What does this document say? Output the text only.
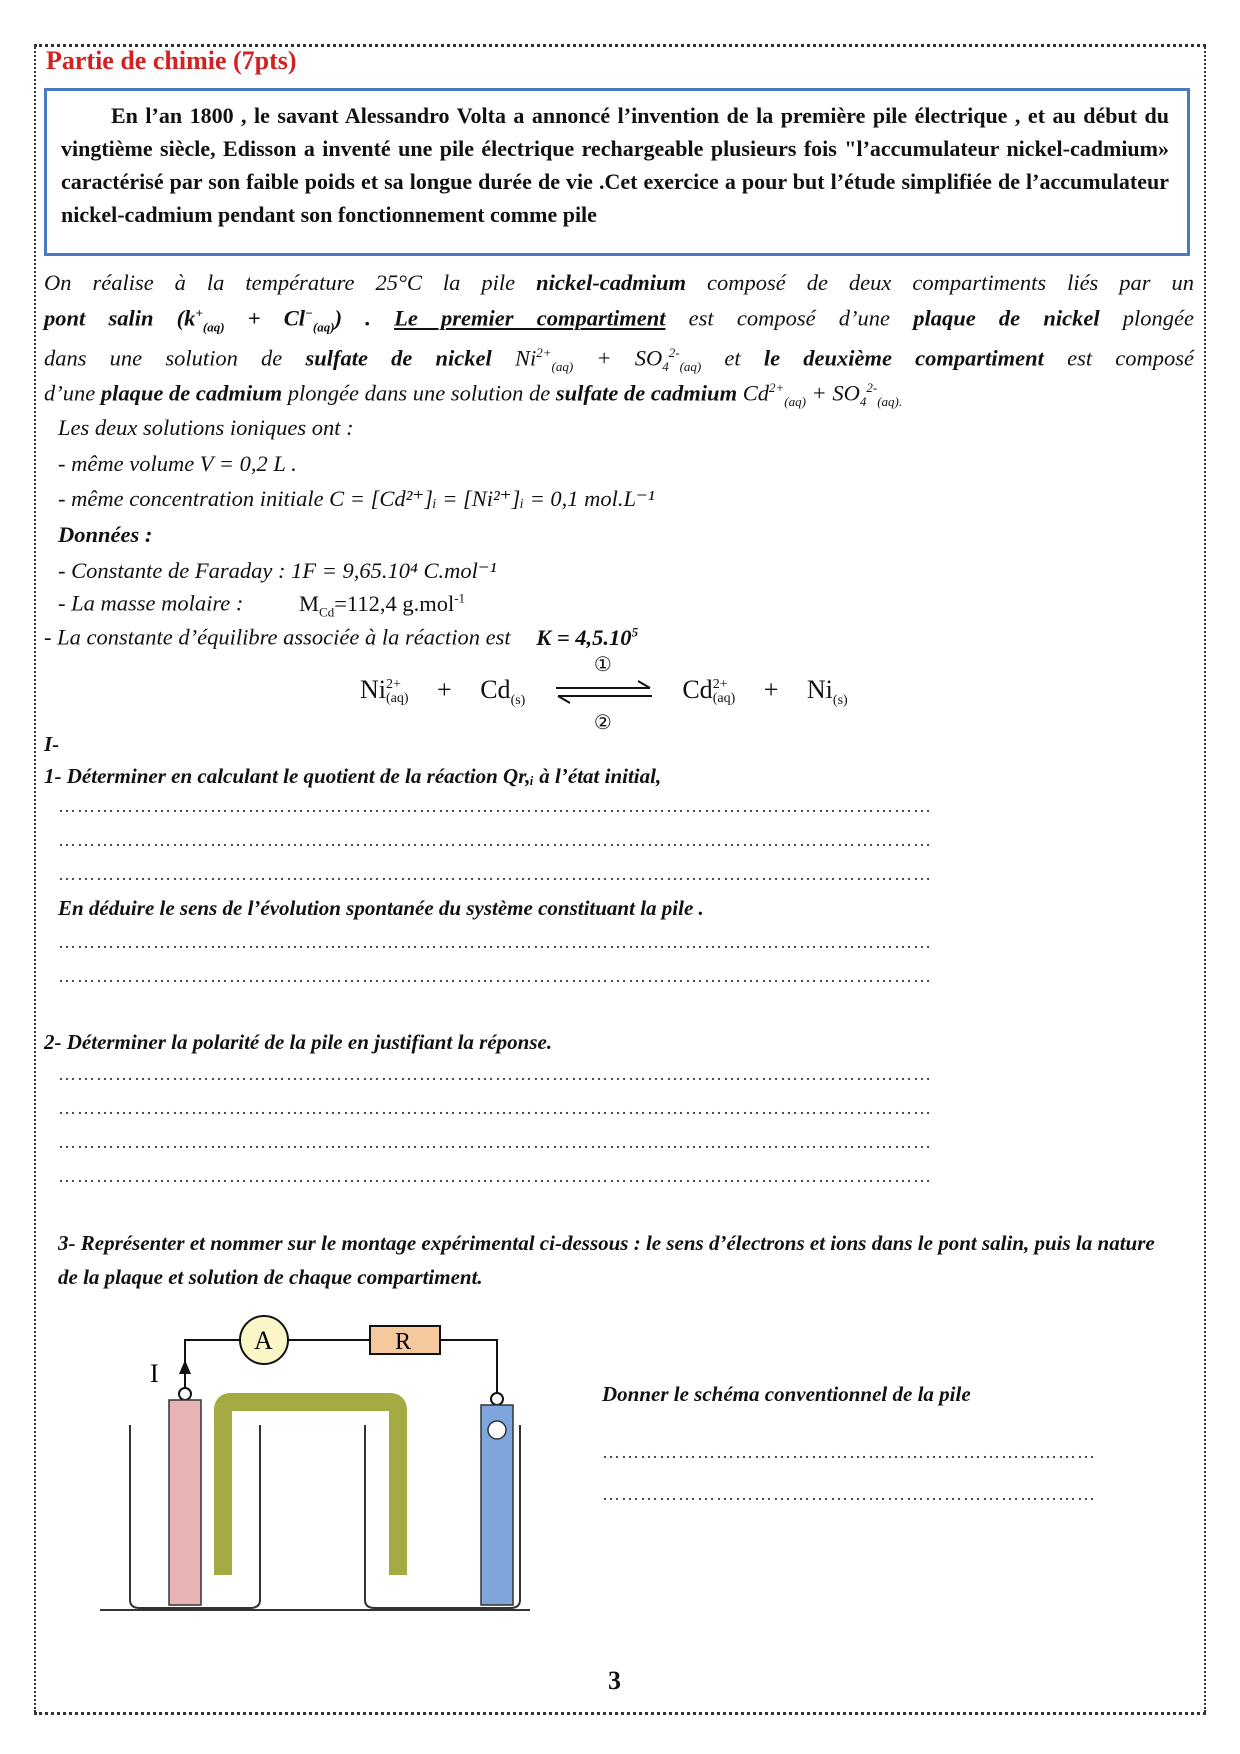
Partie de chimie (7pts)
En l’an 1800 , le savant Alessandro Volta a annoncé l’invention de la première pile électrique , et au début du vingtième siècle, Edisson a inventé une pile électrique rechargeable plusieurs fois "l’accumulateur nickel-cadmium» caractérisé par son faible poids et sa longue durée de vie .Cet exercice a pour but l’étude simplifiée de l’accumulateur nickel-cadmium pendant son fonctionnement comme pile
On réalise à la température 25°C la pile nickel-cadmium composé de deux compartiments liés par un
pont salin $(k^+_{(aq)} + Cl^-_{(aq)})$ . Le premier compartiment est composé d’une plaque de nickel plongée
dans une solution de sulfate de nickel $Ni^{2+}_{(aq)} + SO_4^{2-}_{(aq)}$ et le deuxième compartiment est composé
d’une plaque de cadmium plongée dans une solution de sulfate de cadmium $Cd^{2+}_{(aq)} + SO_4^{2-}_{(aq).}$
Les deux solutions ioniques ont :
- même volume V = 0,2 L .
- même concentration initiale C = [Cd²⁺]ᵢ = [Ni²⁺]ᵢ = 0,1 mol.L⁻¹
Données :
- Constante de Faraday : 1F = 9,65.10⁴ C.mol⁻¹
- La masse molaire : $M_{Cd}=112,4$ g.mol$^{-1}$
- La constante d’équilibre associée à la réaction est $K = 4,5.10^5$
Ni2+
$(aq) + Cd_{(s)}$
①
②
Cd2+
$(aq) + Ni_{(s)}$
I-
1- Déterminer en calculant le quotient de la réaction Qr,ᵢ à l’état initial,
…………………………………………………………………………………………………………………………
…………………………………………………………………………………………………………………………
…………………………………………………………………………………………………………………………
En déduire le sens de l’évolution spontanée du système constituant la pile .
…………………………………………………………………………………………………………………………
…………………………………………………………………………………………………………………………
2- Déterminer la polarité de la pile en justifiant la réponse.
…………………………………………………………………………………………………………………………
…………………………………………………………………………………………………………………………
…………………………………………………………………………………………………………………………
…………………………………………………………………………………………………………………………
3- Représenter et nommer sur le montage expérimental ci-dessous : le sens d’électrons et ions dans le pont salin, puis la nature de la plaque et solution de chaque compartiment.
I
A	R
Donner le schéma conventionnel de la pile
……………………………………………………………………
……………………………………………………………………
3
